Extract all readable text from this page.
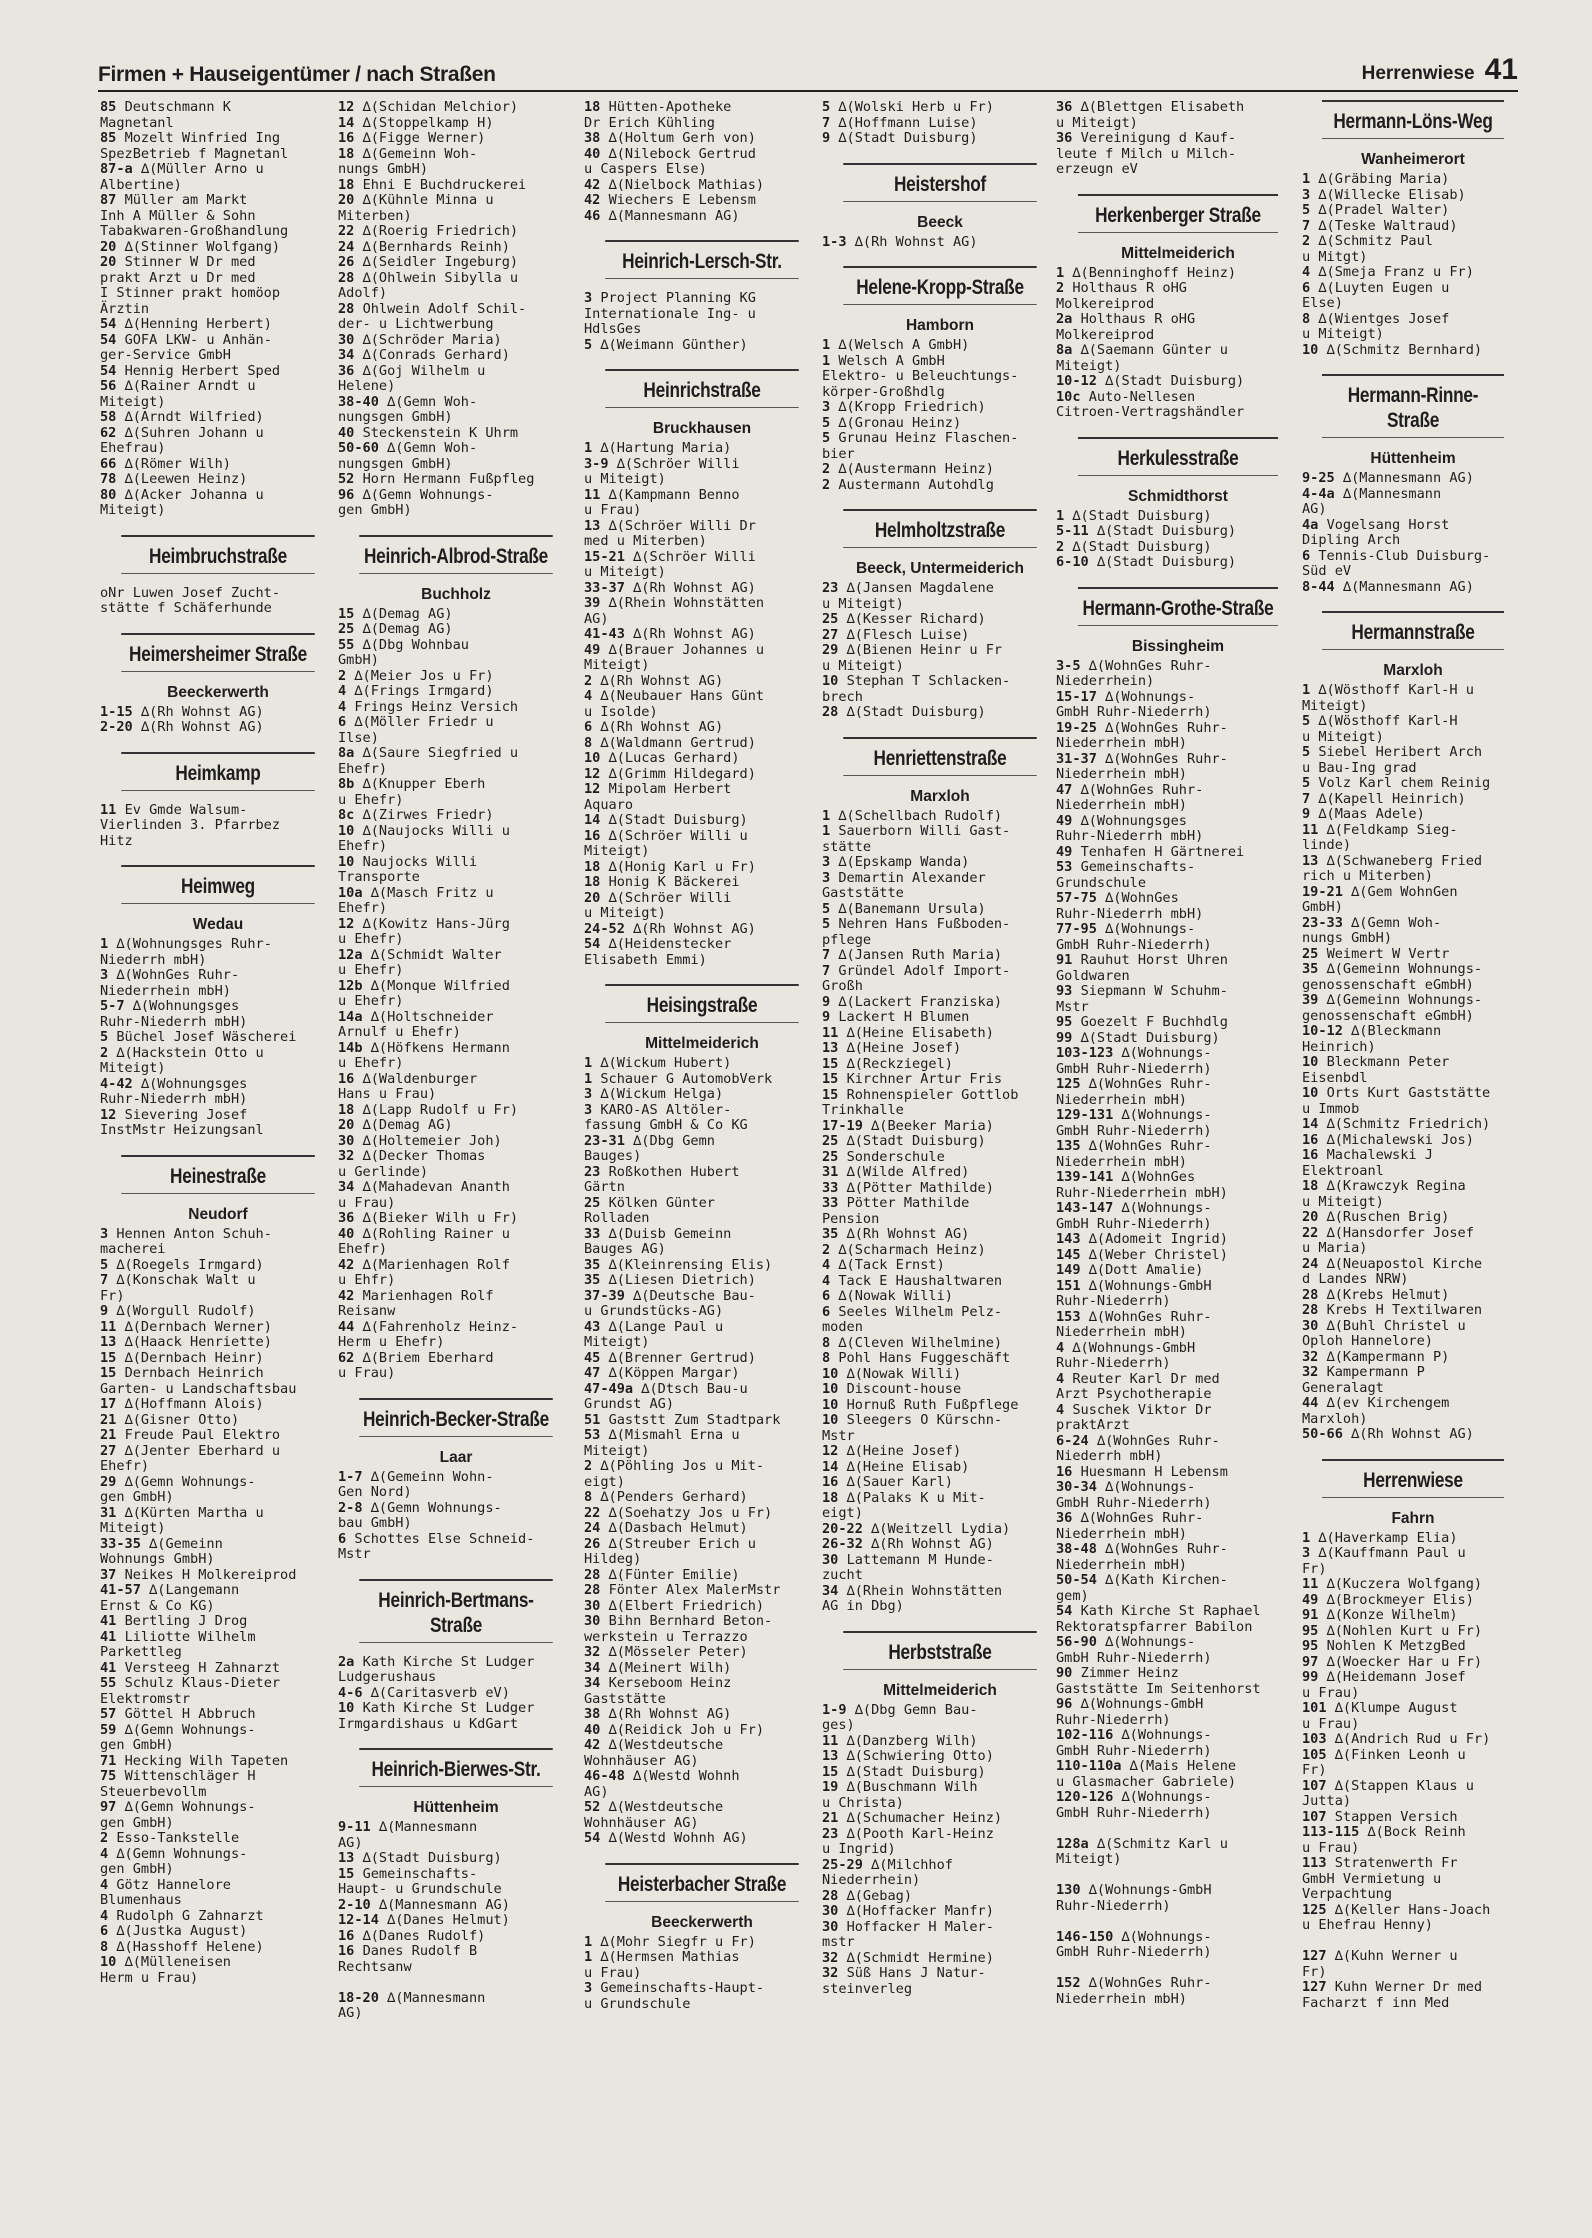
Firmen + Hauseigentümer / nach Straßen	Herrenwiese 41
85 Deutschmann K
Magnetanl
85 Mozelt Winfried Ing
SpezBetrieb f Magnetanl
87-a ∆(Müller Arno u
Albertine)
87 Müller am Markt
Inh A Müller & Sohn
Tabakwaren-Großhandlung
20 ∆(Stinner Wolfgang)
20 Stinner W Dr med
prakt Arzt u Dr med
I Stinner prakt homöop
Ärztin
54 ∆(Henning Herbert)
54 GOFA LKW- u Anhän-
ger-Service GmbH
54 Hennig Herbert Sped
56 ∆(Rainer Arndt u
Miteigt)
58 ∆(Arndt Wilfried)
62 ∆(Suhren Johann u
Ehefrau)
66 ∆(Römer Wilh)
78 ∆(Leewen Heinz)
80 ∆(Acker Johanna u
Miteigt)
Heimbruchstraße
oNr Luwen Josef Zucht-
stätte f Schäferhunde
Heimersheimer Straße
Beeckerwerth
1-15 ∆(Rh Wohnst AG)
2-20 ∆(Rh Wohnst AG)
Heimkamp
11 Ev Gmde Walsum-
Vierlinden 3. Pfarrbez
Hitz
Heimweg
Wedau
1 ∆(Wohnungsges Ruhr-
Niederrh mbH)
3 ∆(WohnGes Ruhr-
Niederrhein mbH)
5-7 ∆(Wohnungsges
Ruhr-Niederrh mbH)
5 Büchel Josef Wäscherei
2 ∆(Hackstein Otto u
Miteigt)
4-42 ∆(Wohnungsges
Ruhr-Niederrh mbH)
12 Sievering Josef
InstMstr Heizungsanl
Heinestraße
Neudorf
3 Hennen Anton Schuh-
macherei
5 ∆(Roegels Irmgard)
7 ∆(Konschak Walt u
Fr)
9 ∆(Worgull Rudolf)
11 ∆(Dernbach Werner)
13 ∆(Haack Henriette)
15 ∆(Dernbach Heinr)
15 Dernbach Heinrich
Garten- u Landschaftsbau
17 ∆(Hoffmann Alois)
21 ∆(Gisner Otto)
21 Freude Paul Elektro
27 ∆(Jenter Eberhard u
Ehefr)
29 ∆(Gemn Wohnungs-
gen GmbH)
31 ∆(Kürten Martha u
Miteigt)
33-35 ∆(Gemeinn
Wohnungs GmbH)
37 Neikes H Molkereiprod
41-57 ∆(Langemann
Ernst & Co KG)
41 Bertling J Drog
41 Liliotte Wilhelm
Parkettleg
41 Versteeg H Zahnarzt
55 Schulz Klaus-Dieter
Elektromstr
57 Göttel H Abbruch
59 ∆(Gemn Wohnungs-
gen GmbH)
71 Hecking Wilh Tapeten
75 Wittenschläger H
Steuerbevollm
97 ∆(Gemn Wohnungs-
gen GmbH)
2 Esso-Tankstelle
4 ∆(Gemn Wohnungs-
gen GmbH)
4 Götz Hannelore
Blumenhaus
4 Rudolph G Zahnarzt
6 ∆(Justka August)
8 ∆(Hasshoff Helene)
10 ∆(Mülleneisen
Herm u Frau)
12 ∆(Schidan Melchior)
14 ∆(Stoppelkamp H)
16 ∆(Figge Werner)
18 ∆(Gemeinn Woh-
nungs GmbH)
18 Ehni E Buchdruckerei
20 ∆(Kühnle Minna u
Miterben)
22 ∆(Roerig Friedrich)
24 ∆(Bernhards Reinh)
26 ∆(Seidler Ingeburg)
28 ∆(Ohlwein Sibylla u
Adolf)
28 Ohlwein Adolf Schil-
der- u Lichtwerbung
30 ∆(Schröder Maria)
34 ∆(Conrads Gerhard)
36 ∆(Goj Wilhelm u
Helene)
38-40 ∆(Gemn Woh-
nungsgen GmbH)
40 Steckenstein K Uhrm
50-60 ∆(Gemn Woh-
nungsgen GmbH)
52 Horn Hermann Fußpfleg
96 ∆(Gemn Wohnungs-
gen GmbH)
Heinrich-Albrod-Straße
Buchholz
15 ∆(Demag AG)
25 ∆(Demag AG)
55 ∆(Dbg Wohnbau
GmbH)
2 ∆(Meier Jos u Fr)
4 ∆(Frings Irmgard)
4 Frings Heinz Versich
6 ∆(Möller Friedr u
Ilse)
8a ∆(Saure Siegfried u
Ehefr)
8b ∆(Knupper Eberh
u Ehefr)
8c ∆(Zirwes Friedr)
10 ∆(Naujocks Willi u
Ehefr)
10 Naujocks Willi
Transporte
10a ∆(Masch Fritz u
Ehefr)
12 ∆(Kowitz Hans-Jürg
u Ehefr)
12a ∆(Schmidt Walter
u Ehefr)
12b ∆(Monque Wilfried
u Ehefr)
14a ∆(Holtschneider
Arnulf u Ehefr)
14b ∆(Höfkens Hermann
u Ehefr)
16 ∆(Waldenburger
Hans u Frau)
18 ∆(Lapp Rudolf u Fr)
20 ∆(Demag AG)
30 ∆(Holtemeier Joh)
32 ∆(Decker Thomas
u Gerlinde)
34 ∆(Mahadevan Ananth
u Frau)
36 ∆(Bieker Wilh u Fr)
40 ∆(Rohling Rainer u
Ehefr)
42 ∆(Marienhagen Rolf
u Ehfr)
42 Marienhagen Rolf
Reisanw
44 ∆(Fahrenholz Heinz-
Herm u Ehefr)
62 ∆(Briem Eberhard
u Frau)
Heinrich-Becker-Straße
Laar
1-7 ∆(Gemeinn Wohn-
Gen Nord)
2-8 ∆(Gemn Wohnungs-
bau GmbH)
6 Schottes Else Schneid-
Mstr
Heinrich-Bertmans-Straße
2a Kath Kirche St Ludger
Ludgerushaus
4-6 ∆(Caritasverb eV)
10 Kath Kirche St Ludger
Irmgardishaus u KdGart
Heinrich-Bierwes-Str.
Hüttenheim
9-11 ∆(Mannesmann
AG)
13 ∆(Stadt Duisburg)
15 Gemeinschafts-
Haupt- u Grundschule
2-10 ∆(Mannesmann AG)
12-14 ∆(Danes Helmut)
16 ∆(Danes Rudolf)
16 Danes Rudolf B
Rechtsanw

18-20 ∆(Mannesmann
AG)
18 Hütten-Apotheke
Dr Erich Kühling
38 ∆(Holtum Gerh von)
40 ∆(Nilebock Gertrud
u Caspers Else)
42 ∆(Nielbock Mathias)
42 Wiechers E Lebensm
46 ∆(Mannesmann AG)
Heinrich-Lersch-Str.
3 Project Planning KG
Internationale Ing- u
HdlsGes
5 ∆(Weimann Günther)
Heinrichstraße
Bruckhausen
1 ∆(Hartung Maria)
3-9 ∆(Schröer Willi
u Miteigt)
11 ∆(Kampmann Benno
u Frau)
13 ∆(Schröer Willi Dr
med u Miterben)
15-21 ∆(Schröer Willi
u Miteigt)
33-37 ∆(Rh Wohnst AG)
39 ∆(Rhein Wohnstätten
AG)
41-43 ∆(Rh Wohnst AG)
49 ∆(Brauer Johannes u
Miteigt)
2 ∆(Rh Wohnst AG)
4 ∆(Neubauer Hans Günt
u Isolde)
6 ∆(Rh Wohnst AG)
8 ∆(Waldmann Gertrud)
10 ∆(Lucas Gerhard)
12 ∆(Grimm Hildegard)
12 Mipolam Herbert
Aquaro
14 ∆(Stadt Duisburg)
16 ∆(Schröer Willi u
Miteigt)
18 ∆(Honig Karl u Fr)
18 Honig K Bäckerei
20 ∆(Schröer Willi
u Miteigt)
24-52 ∆(Rh Wohnst AG)
54 ∆(Heidenstecker
Elisabeth Emmi)
Heisingstraße
Mittelmeiderich
1 ∆(Wickum Hubert)
1 Schauer G AutomobVerk
3 ∆(Wickum Helga)
3 KARO-AS Altöler-
fassung GmbH & Co KG
23-31 ∆(Dbg Gemn
Bauges)
23 Roßkothen Hubert
Gärtn
25 Kölken Günter
Rolladen
33 ∆(Duisb Gemeinn
Bauges AG)
35 ∆(Kleinrensing Elis)
35 ∆(Liesen Dietrich)
37-39 ∆(Deutsche Bau-
u Grundstücks-AG)
43 ∆(Lange Paul u
Miteigt)
45 ∆(Brenner Gertrud)
47 ∆(Köppen Margar)
47-49a ∆(Dtsch Bau-u
Grundst AG)
51 Gaststt Zum Stadtpark
53 ∆(Mismahl Erna u
Miteigt)
2 ∆(Pöhling Jos u Mit-
eigt)
8 ∆(Penders Gerhard)
22 ∆(Soehatzy Jos u Fr)
24 ∆(Dasbach Helmut)
26 ∆(Streuber Erich u
Hildeg)
28 ∆(Fünter Emilie)
28 Fönter Alex MalerMstr
30 ∆(Elbert Friedrich)
30 Bihn Bernhard Beton-
werkstein u Terrazzo
32 ∆(Mösseler Peter)
34 ∆(Meinert Wilh)
34 Kerseboom Heinz
Gaststätte
38 ∆(Rh Wohnst AG)
40 ∆(Reidick Joh u Fr)
42 ∆(Westdeutsche
Wohnhäuser AG)
46-48 ∆(Westd Wohnh
AG)
52 ∆(Westdeutsche
Wohnhäuser AG)
54 ∆(Westd Wohnh AG)
Heisterbacher Straße
Beeckerwerth
1 ∆(Mohr Siegfr u Fr)
1 ∆(Hermsen Mathias
u Frau)
3 Gemeinschafts-Haupt-
u Grundschule
5 ∆(Wolski Herb u Fr)
7 ∆(Hoffmann Luise)
9 ∆(Stadt Duisburg)
Heistershof
Beeck
1-3 ∆(Rh Wohnst AG)
Helene-Kropp-Straße
Hamborn
1 ∆(Welsch A GmbH)
1 Welsch A GmbH
Elektro- u Beleuchtungs-
körper-Großhdlg
3 ∆(Kropp Friedrich)
5 ∆(Gronau Heinz)
5 Grunau Heinz Flaschen-
bier
2 ∆(Austermann Heinz)
2 Austermann Autohdlg
Helmholtzstraße
Beeck, Untermeiderich
23 ∆(Jansen Magdalene
u Miteigt)
25 ∆(Kesser Richard)
27 ∆(Flesch Luise)
29 ∆(Bienen Heinr u Fr
u Miteigt)
10 Stephan T Schlacken-
brech
28 ∆(Stadt Duisburg)
Henriettenstraße
Marxloh
1 ∆(Schellbach Rudolf)
1 Sauerborn Willi Gast-
stätte
3 ∆(Epskamp Wanda)
3 Demartin Alexander
Gaststätte
5 ∆(Banemann Ursula)
5 Nehren Hans Fußboden-
pflege
7 ∆(Jansen Ruth Maria)
7 Gründel Adolf Import-
Großh
9 ∆(Lackert Franziska)
9 Lackert H Blumen
11 ∆(Heine Elisabeth)
13 ∆(Heine Josef)
15 ∆(Reckziegel)
15 Kirchner Artur Fris
15 Rohnenspieler Gottlob
Trinkhalle
17-19 ∆(Beeker Maria)
25 ∆(Stadt Duisburg)
25 Sonderschule
31 ∆(Wilde Alfred)
33 ∆(Pötter Mathilde)
33 Pötter Mathilde
Pension
35 ∆(Rh Wohnst AG)
2 ∆(Scharmach Heinz)
4 ∆(Tack Ernst)
4 Tack E Haushaltwaren
6 ∆(Nowak Willi)
6 Seeles Wilhelm Pelz-
moden
8 ∆(Cleven Wilhelmine)
8 Pohl Hans Fuggeschäft
10 ∆(Nowak Willi)
10 Discount-house
10 Hornuß Ruth Fußpflege
10 Sleegers O Kürschn-
Mstr
12 ∆(Heine Josef)
14 ∆(Heine Elisab)
16 ∆(Sauer Karl)
18 ∆(Palaks K u Mit-
eigt)
20-22 ∆(Weitzell Lydia)
26-32 ∆(Rh Wohnst AG)
30 Lattemann M Hunde-
zucht
34 ∆(Rhein Wohnstätten
AG in Dbg)
Herbststraße
Mittelmeiderich
1-9 ∆(Dbg Gemn Bau-
ges)
11 ∆(Danzberg Wilh)
13 ∆(Schwiering Otto)
15 ∆(Stadt Duisburg)
19 ∆(Buschmann Wilh
u Christa)
21 ∆(Schumacher Heinz)
23 ∆(Pooth Karl-Heinz
u Ingrid)
25-29 ∆(Milchhof
Niederrhein)
28 ∆(Gebag)
30 ∆(Hoffacker Manfr)
30 Hoffacker H Maler-
mstr
32 ∆(Schmidt Hermine)
32 Süß Hans J Natur-
steinverleg
36 ∆(Blettgen Elisabeth
u Miteigt)
36 Vereinigung d Kauf-
leute f Milch u Milch-
erzeugn eV
Herkenberger Straße
Mittelmeiderich
1 ∆(Benninghoff Heinz)
2 Holthaus R oHG
Molkereiprod
2a Holthaus R oHG
Molkereiprod
8a ∆(Saemann Günter u
Miteigt)
10-12 ∆(Stadt Duisburg)
10c Auto-Nellesen
Citroen-Vertragshändler
Herkulesstraße
Schmidthorst
1 ∆(Stadt Duisburg)
5-11 ∆(Stadt Duisburg)
2 ∆(Stadt Duisburg)
6-10 ∆(Stadt Duisburg)
Hermann-Grothe-Straße
Bissingheim
3-5 ∆(WohnGes Ruhr-
Niederrhein)
15-17 ∆(Wohnungs-
GmbH Ruhr-Niederrh)
19-25 ∆(WohnGes Ruhr-
Niederrhein mbH)
31-37 ∆(WohnGes Ruhr-
Niederrhein mbH)
47 ∆(WohnGes Ruhr-
Niederrhein mbH)
49 ∆(Wohnungsges
Ruhr-Niederrh mbH)
49 Tenhafen H Gärtnerei
53 Gemeinschafts-
Grundschule
57-75 ∆(WohnGes
Ruhr-Niederrh mbH)
77-95 ∆(Wohnungs-
GmbH Ruhr-Niederrh)
91 Rauhut Horst Uhren
Goldwaren
93 Siepmann W Schuhm-
Mstr
95 Goezelt F Buchhdlg
99 ∆(Stadt Duisburg)
103-123 ∆(Wohnungs-
GmbH Ruhr-Niederrh)
125 ∆(WohnGes Ruhr-
Niederrhein mbH)
129-131 ∆(Wohnungs-
GmbH Ruhr-Niederrh)
135 ∆(WohnGes Ruhr-
Niederrhein mbH)
139-141 ∆(WohnGes
Ruhr-Niederrhein mbH)
143-147 ∆(Wohnungs-
GmbH Ruhr-Niederrh)
143 ∆(Adomeit Ingrid)
145 ∆(Weber Christel)
149 ∆(Dott Amalie)
151 ∆(Wohnungs-GmbH
Ruhr-Niederrh)
153 ∆(WohnGes Ruhr-
Niederrhein mbH)
4 ∆(Wohnungs-GmbH
Ruhr-Niederrh)
4 Reuter Karl Dr med
Arzt Psychotherapie
4 Suschek Viktor Dr
praktArzt
6-24 ∆(WohnGes Ruhr-
Niederrh mbH)
16 Huesmann H Lebensm
30-34 ∆(Wohnungs-
GmbH Ruhr-Niederrh)
36 ∆(WohnGes Ruhr-
Niederrhein mbH)
38-48 ∆(WohnGes Ruhr-
Niederrhein mbH)
50-54 ∆(Kath Kirchen-
gem)
54 Kath Kirche St Raphael
Rektoratspfarrer Babilon
56-90 ∆(Wohnungs-
GmbH Ruhr-Niederrh)
90 Zimmer Heinz
Gaststätte Im Seitenhorst
96 ∆(Wohnungs-GmbH
Ruhr-Niederrh)
102-116 ∆(Wohnungs-
GmbH Ruhr-Niederrh)
110-110a ∆(Mais Helene
u Glasmacher Gabriele)
120-126 ∆(Wohnungs-
GmbH Ruhr-Niederrh)

128a ∆(Schmitz Karl u
Miteigt)

130 ∆(Wohnungs-GmbH
Ruhr-Niederrh)

146-150 ∆(Wohnungs-
GmbH Ruhr-Niederrh)

152 ∆(WohnGes Ruhr-
Niederrhein mbH)
Hermann-Löns-Weg
Wanheimerort
1 ∆(Gräbing Maria)
3 ∆(Willecke Elisab)
5 ∆(Pradel Walter)
7 ∆(Teske Waltraud)
2 ∆(Schmitz Paul
u Mitgt)
4 ∆(Smeja Franz u Fr)
6 ∆(Luyten Eugen u
Else)
8 ∆(Wientges Josef
u Miteigt)
10 ∆(Schmitz Bernhard)
Hermann-Rinne-Straße
Hüttenheim
9-25 ∆(Mannesmann AG)
4-4a ∆(Mannesmann
AG)
4a Vogelsang Horst
Dipling Arch
6 Tennis-Club Duisburg-
Süd eV
8-44 ∆(Mannesmann AG)
Hermannstraße
Marxloh
1 ∆(Wösthoff Karl-H u
Miteigt)
5 ∆(Wösthoff Karl-H
u Miteigt)
5 Siebel Heribert Arch
u Bau-Ing grad
5 Volz Karl chem Reinig
7 ∆(Kapell Heinrich)
9 ∆(Maas Adele)
11 ∆(Feldkamp Sieg-
linde)
13 ∆(Schwaneberg Fried
rich u Miterben)
19-21 ∆(Gem WohnGen
GmbH)
23-33 ∆(Gemn Woh-
nungs GmbH)
25 Weimert W Vertr
35 ∆(Gemeinn Wohnungs-
genossenschaft eGmbH)
39 ∆(Gemeinn Wohnungs-
genossenschaft eGmbH)
10-12 ∆(Bleckmann
Heinrich)
10 Bleckmann Peter
Eisenbdl
10 Orts Kurt Gaststätte
u Immob
14 ∆(Schmitz Friedrich)
16 ∆(Michalewski Jos)
16 Machalewski J
Elektroanl
18 ∆(Krawczyk Regina
u Miteigt)
20 ∆(Ruschen Brig)
22 ∆(Hansdorfer Josef
u Maria)
24 ∆(Neuapostol Kirche
d Landes NRW)
28 ∆(Krebs Helmut)
28 Krebs H Textilwaren
30 ∆(Buhl Christel u
Oploh Hannelore)
32 ∆(Kampermann P)
32 Kampermann P
Generalagt
44 ∆(ev Kirchengem
Marxloh)
50-66 ∆(Rh Wohnst AG)
Herrenwiese
Fahrn
1 ∆(Haverkamp Elia)
3 ∆(Kauffmann Paul u
Fr)
11 ∆(Kuczera Wolfgang)
49 ∆(Brockmeyer Elis)
91 ∆(Konze Wilhelm)
95 ∆(Nohlen Kurt u Fr)
95 Nohlen K MetzgBed
97 ∆(Woecker Har u Fr)
99 ∆(Heidemann Josef
u Frau)
101 ∆(Klumpe August
u Frau)
103 ∆(Andrich Rud u Fr)
105 ∆(Finken Leonh u
Fr)
107 ∆(Stappen Klaus u
Jutta)
107 Stappen Versich
113-115 ∆(Bock Reinh
u Frau)
113 Stratenwerth Fr
GmbH Vermietung u
Verpachtung
125 ∆(Keller Hans-Joach
u Ehefrau Henny)

127 ∆(Kuhn Werner u
Fr)
127 Kuhn Werner Dr med
Facharzt f inn Med
